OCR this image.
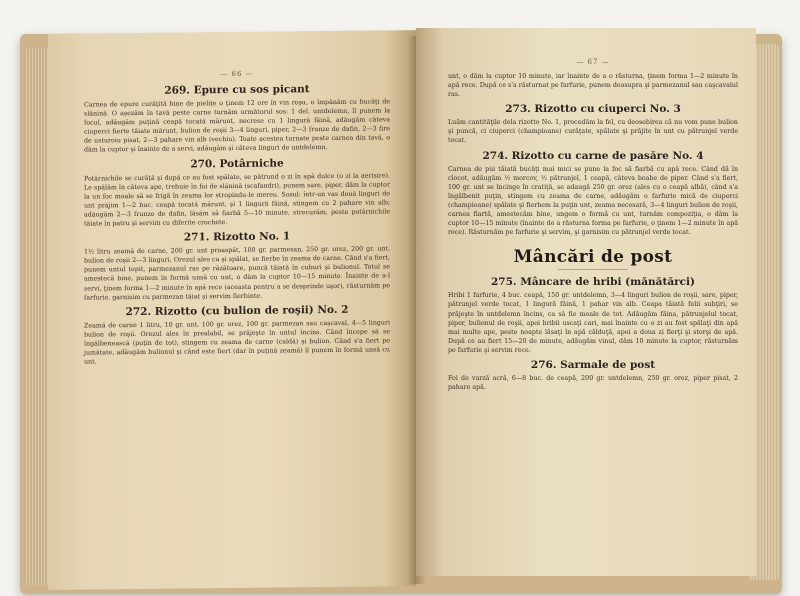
— 66 —
269. Epure cu sos picant

Carnea de epure curăţită bine de pielițe o ţinem 12 ore în vin roşu, o împănăm cu bucăţi de slănină. O aşezăm în tavă peste carne turnăm următorul sos: 1 del. untdelemn, îl punem la focul, adăugăm puţină ceapă tocată mărunt, necrese cu 1 lingură făină, adăugăm câteva ciuperci fierte tăiate mărunt, bulion de roşii 3—4 linguri, piper, 2—3 frunze de dafin, 2—3 fire de usturoiu pisat, 2—3 pahare vin alb (vechiu). Toate acestea turnate peste carnea din tavă, o dăm la cuptor şi înainte de a servi, adăugăm şi câteva linguri de untdelemn.

270. Potârniche

Potârnichile se curăţă şi după ce au fost spălate, se pătrund o zi în apă dulce (o zi la aerisire). Le spălăm în câteva ape, trebuie în foi de slănină (scafandri), punem sare, piper, dăm la cuptor la un foc moale să se frigă în zeama lor stropindu-le mereu. Sosul: într-un vas două linguri de unt prăjim 1—2 buc. ceapă tocată mărunt, şi 1 lingură făină, stingem cu 2 pahare vin alb; adăugăm 2—3 frunze de dafin, lăsăm să fiarbă 5—10 minute, strecurăm, peste potârnichile tăiate în patru şi servim cu diferite crochete.

271. Rizotto No. 1

1½ litru zeamă de carne, 200 gr. unt proaspăt, 100 gr. parmesan, 250 gr. orez, 200 gr. unt, bulion de roşii 2—3 linguri. Orezul ales ca şi spălat, se fierbe în zeama de carne. Când s'a fiert, punem untul topit, parmezanul ras pe răzătoare, puncă tăiată în cuburi şi bulionul. Totul se amestecă bine, punem în formă unsă cu unt, o dăm la cuptor 10—15 minute. Înainte de a-l servi, ţinem forma 1—2 minute în apă rece (aceasta pentru a se desprinde uşor), răsturnăm pe farfurie, garnisim cu parmezan tăiat şi servim fierbinte.

272. Rizotto (cu bulion de roşii) No. 2

Zeamă de carne 1 litru, 10 gr. unt, 100 gr. orez, 100 gr. parmezan sau caşcaval, 4—5 linguri bulion de roşii. Orezul ales în prealabil, se prăjeşte în untul încins. Când începe să se îngălbenească (puţin de tot), stingem cu zeama de carne (caldă) şi bulion. Când s'a fiert pe jumătate, adăugăm bulionul şi când este fiert (dar în puţină zeamă) îl punem în formă unsă cu unt.

— 67 —

unt, o dăm la cuptor 10 minute, iar înainte de a o răsturna, ţinem forma 1—2 minute în apă rece. După ce s'a răsturnat pe farfurie, punem deasupra şi parmezanul sau caşcavalul ras.

273. Rizotto cu ciuperci No. 3

Luăm cantităţile dela rizotto No. 1, procedăm la fel, cu deosebirea că nu vom pune bulion şi puncă, ci ciuperci (champioane) curăţate, spălate şi prăjite în unt cu pătrunjel verde tocat.

274. Rizotto cu carne de pasăre No. 4

Carnea de pui tăiată bucăţi mai mici se pune la foc să fiarbă cu apă rece. Când dă în clocot, adăugăm ½ morcov, ½ pătrunjel, 1 ceapă, câteva boabe de piper. Când s'a fiert, 100 gr. unt se încinge în cratiţă, se adaugă 250 gr. orez (ales cu o ceapă albă), când s'a îngălbenit puţin, stingem cu zeama de carne, adăugăm o farfurie mică de ciuperci (champioane) spălate şi fierbem la puţin unt, zeama necesară, 3—4 linguri bulion de roşii, carnea fiartă, amestecăm bine, ungem o formă cu unt, turnăm compoziţia, o dăm la cuptor 10—15 minute (înainte de a răsturna forma pe farfurie, o ţinem 1—2 minute în apă rece). Răsturnăm pe farfurie şi servim, şi garnisim cu pătrunjel verde tocat.

Mâncări de post
275. Mâncare de hribi (mănătărci)

Hribi 1 farfurie, 4 buc. ceapă, 150 gr. untdelemn, 3—4 linguri bulion de roşii, sare, piper, pătrunjel verde tocat, 1 lingură făină, 1 pahar vin alb. Ceapa tăiată felii subţiri, se prăjeşte în untdelemn încins, ca să fie moale de tot. Adăugăm făina, pătrunjelul tocat, piper, bulionul de roşii, apoi hribii uscaţi cari, mai înainte cu o zi au fost spălaţi din apă mai multe ape, peste noapte lăsaţi în apă călduţă, apoi a doua zi fierţi şi storşi de apă. După ce au fiert 15—20 de minute, adăugăm vinul, dăm 10 minute la cuptor, răsturnăm pe farfurie şi servim rece.

276. Sarmale de post

Foi de varză acră, 6—8 buc. de ceapă, 200 gr. untdelemn, 250 gr. orez, piper pisat, 2 pahare apă.
